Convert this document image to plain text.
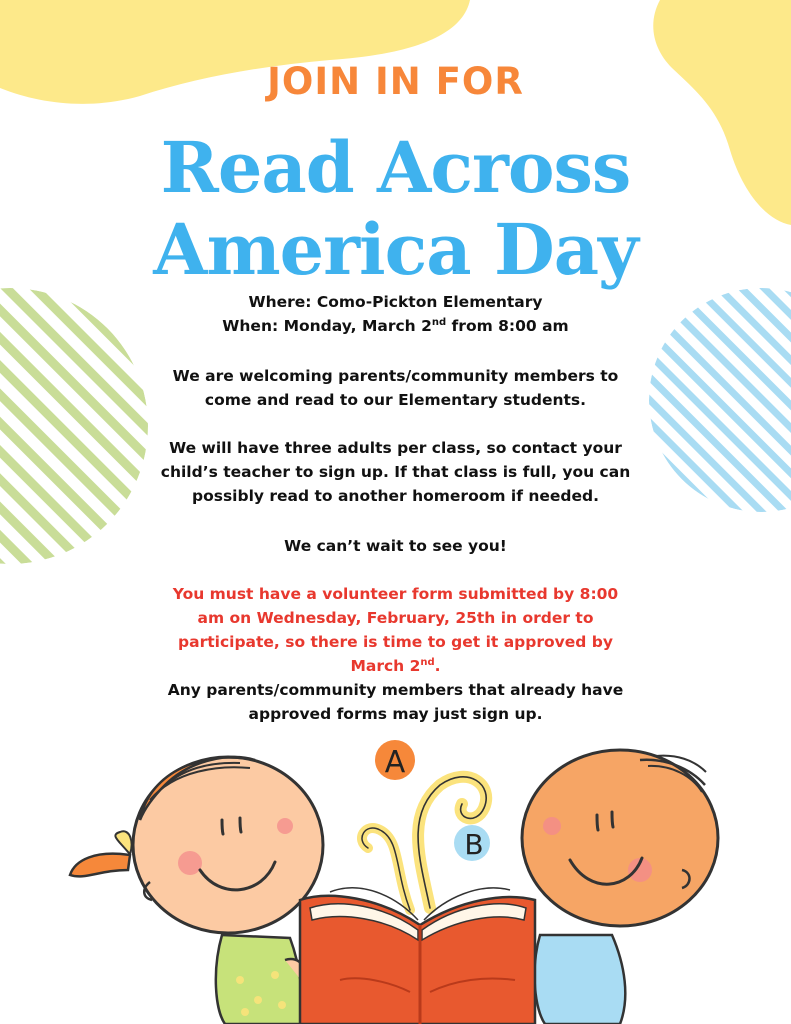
JOIN IN FOR
Read Across
America Day
Where: Como-Pickton Elementary
When: Monday, March 2nd from 8:00 am
We are welcoming parents/community members to
come and read to our Elementary students.
We will have three adults per class, so contact your
child’s teacher to sign up. If that class is full, you can
possibly read to another homeroom if needed.
We can’t wait to see you!
You must have a volunteer form submitted by 8:00
am on Wednesday, February, 25th in order to
participate, so there is time to get it approved by
March 2nd.
Any parents/community members that already have
approved forms may just sign up.
A
B
